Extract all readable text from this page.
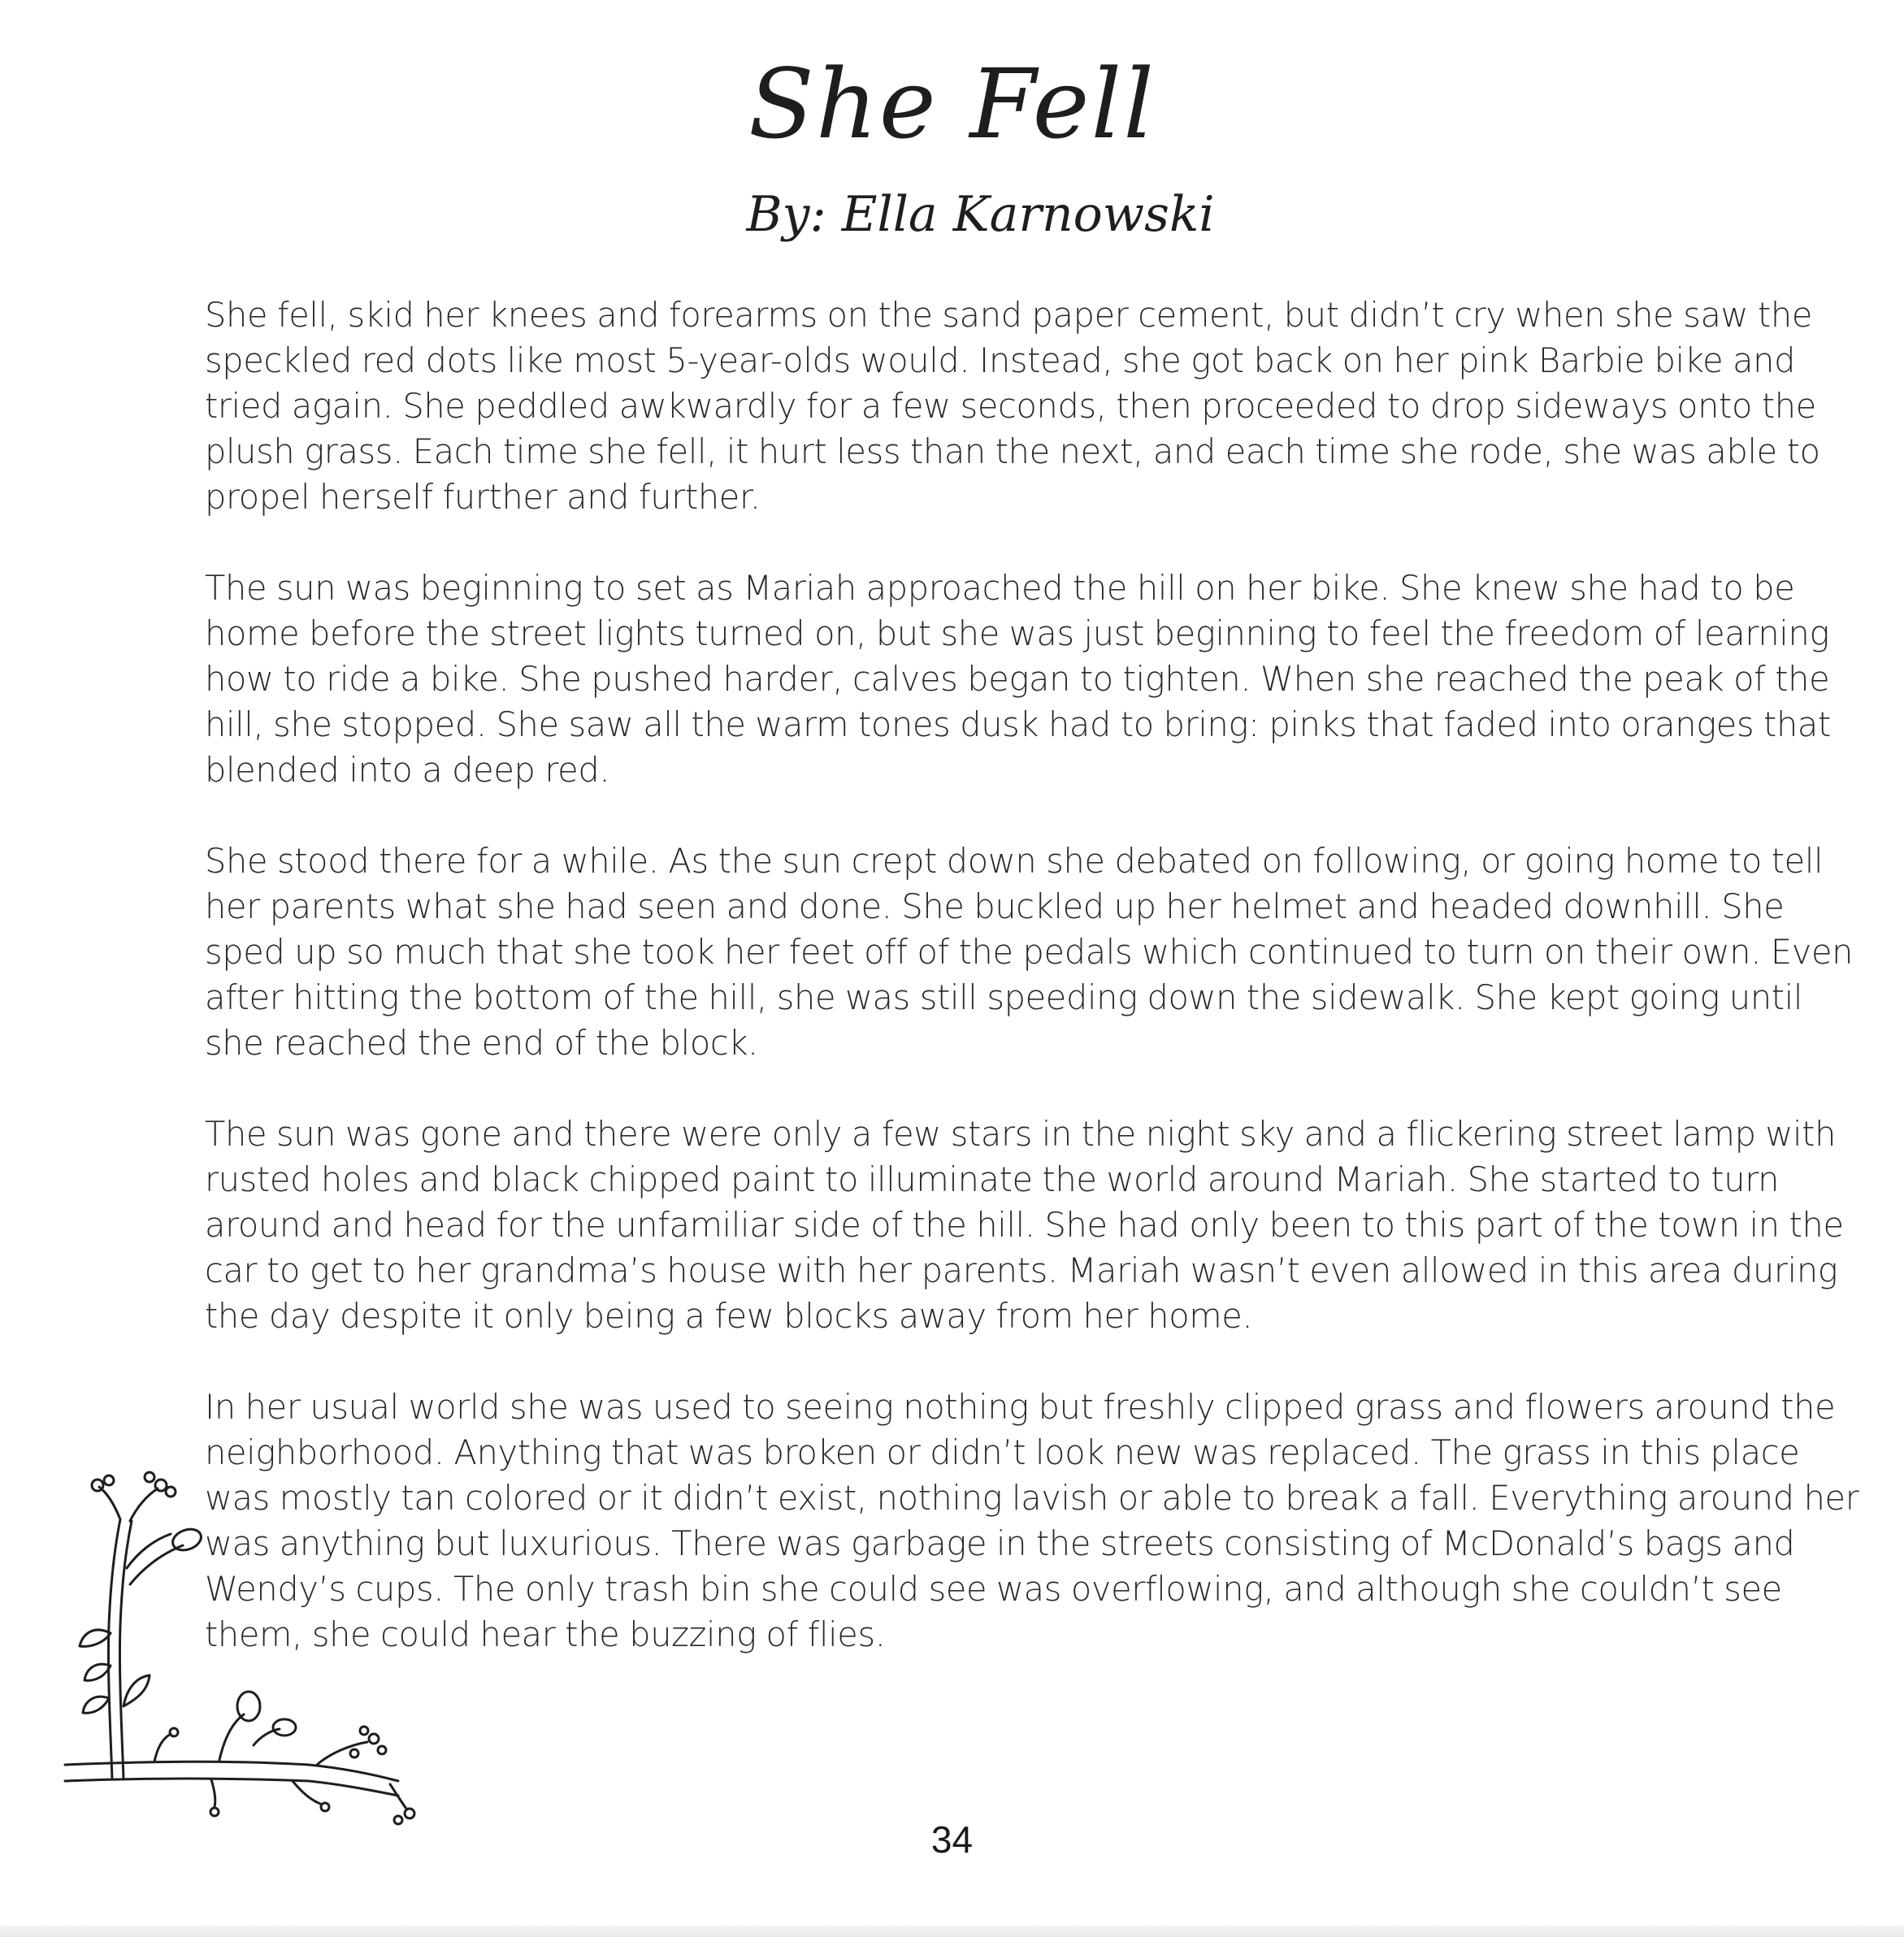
She Fell
By: Ella Karnowski

She fell, skid her knees and forearms on the sand paper cement, but didn’t cry when she saw the speckled red dots like most 5-year-olds would. Instead, she got back on her pink Barbie bike and tried again. She peddled awkwardly for a few seconds, then proceeded to drop sideways onto the plush grass. Each time she fell, it hurt less than the next, and each time she rode, she was able to propel herself further and further.

The sun was beginning to set as Mariah approached the hill on her bike. She knew she had to be home before the street lights turned on, but she was just beginning to feel the freedom of learning how to ride a bike. She pushed harder, calves began to tighten. When she reached the peak of the hill, she stopped. She saw all the warm tones dusk had to bring: pinks that faded into oranges that blended into a deep red.

She stood there for a while. As the sun crept down she debated on following, or going home to tell her parents what she had seen and done. She buckled up her helmet and headed downhill. She sped up so much that she took her feet off of the pedals which continued to turn on their own. Even after hitting the bottom of the hill, she was still speeding down the sidewalk. She kept going until she reached the end of the block.

The sun was gone and there were only a few stars in the night sky and a flickering street lamp with rusted holes and black chipped paint to illuminate the world around Mariah. She started to turn around and head for the unfamiliar side of the hill. She had only been to this part of the town in the car to get to her grandma’s house with her parents. Mariah wasn’t even allowed in this area during the day despite it only being a few blocks away from her home.

In her usual world she was used to seeing nothing but freshly clipped grass and flowers around the neighborhood. Anything that was broken or didn’t look new was replaced. The grass in this place was mostly tan colored or it didn’t exist, nothing lavish or able to break a fall. Everything around her was anything but luxurious. There was garbage in the streets consisting of McDonald’s bags and Wendy’s cups. The only trash bin she could see was overflowing, and although she couldn’t see them, she could hear the buzzing of flies.

34
